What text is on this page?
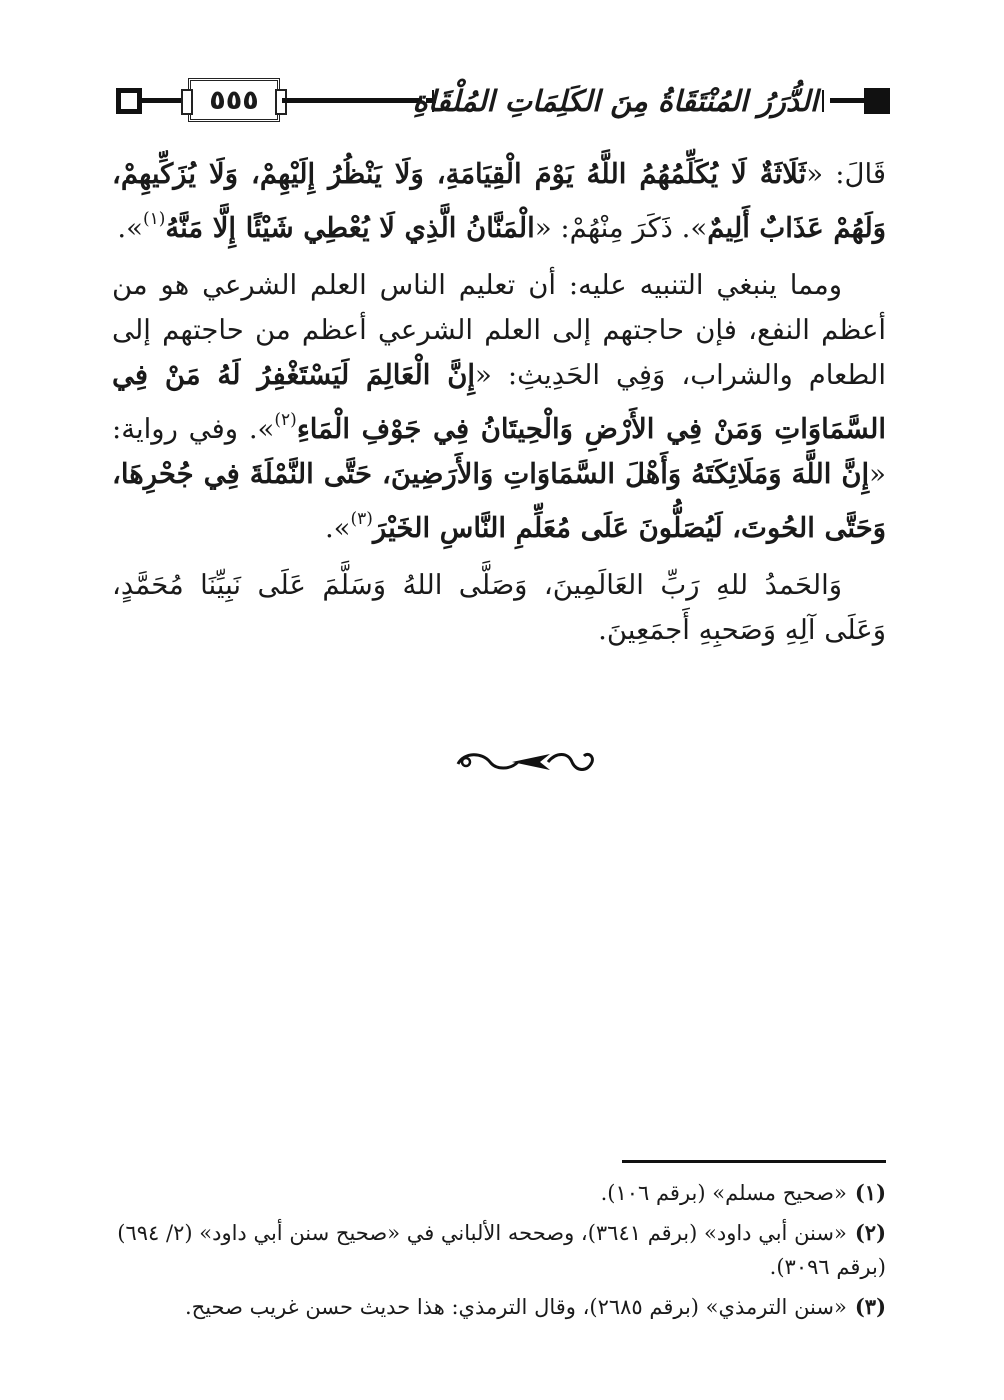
٥٥٥	الدُّرَرُ المُنْتَقَاةُ مِنَ الكَلِمَاتِ المُلْقَاةِ

قَالَ: «ثَلَاثَةٌ لَا يُكَلِّمُهُمُ اللَّهُ يَوْمَ الْقِيَامَةِ، وَلَا يَنْظُرُ إِلَيْهِمْ، وَلَا يُزَكِّيهِمْ، وَلَهُمْ عَذَابٌ أَلِيمٌ». ذَكَرَ مِنْهُمْ: «الْمَنَّانُ الَّذِي لَا يُعْطِي شَيْئًا إِلَّا مَنَّهُ$^{(١)}$».

ومما ينبغي التنبيه عليه: أن تعليم الناس العلم الشرعي هو من أعظم النفع، فإن حاجتهم إلى العلم الشرعي أعظم من حاجتهم إلى الطعام والشراب، وَفِي الحَدِيثِ: «إِنَّ الْعَالِمَ لَيَسْتَغْفِرُ لَهُ مَنْ فِي السَّمَاوَاتِ وَمَنْ فِي الأَرْضِ وَالْحِيتَانُ فِي جَوْفِ الْمَاءِ$^{(٢)}$». وفي رواية: «إِنَّ اللَّهَ وَمَلَائِكَتَهُ وَأَهْلَ السَّمَاوَاتِ وَالأَرَضِينَ، حَتَّى النَّمْلَةَ فِي جُحْرِهَا، وَحَتَّى الحُوتَ، لَيُصَلُّونَ عَلَى مُعَلِّمِ النَّاسِ الخَيْرَ$^{(٣)}$».

وَالحَمدُ للهِ رَبِّ العَالَمِينَ، وَصَلَّى اللهُ وَسَلَّمَ عَلَى نَبِيِّنَا مُحَمَّدٍ، وَعَلَى آلِهِ وَصَحبِهِ أَجمَعِينَ.

(١)«صحيح مسلم» (برقم ١٠٦).
(٢)«سنن أبي داود» (برقم ٣٦٤١)، وصححه الألباني في «صحيح سنن أبي داود» (٢/ ٦٩٤) (برقم ٣٠٩٦).
(٣)«سنن الترمذي» (برقم ٢٦٨٥)، وقال الترمذي: هذا حديث حسن غريب صحيح.
